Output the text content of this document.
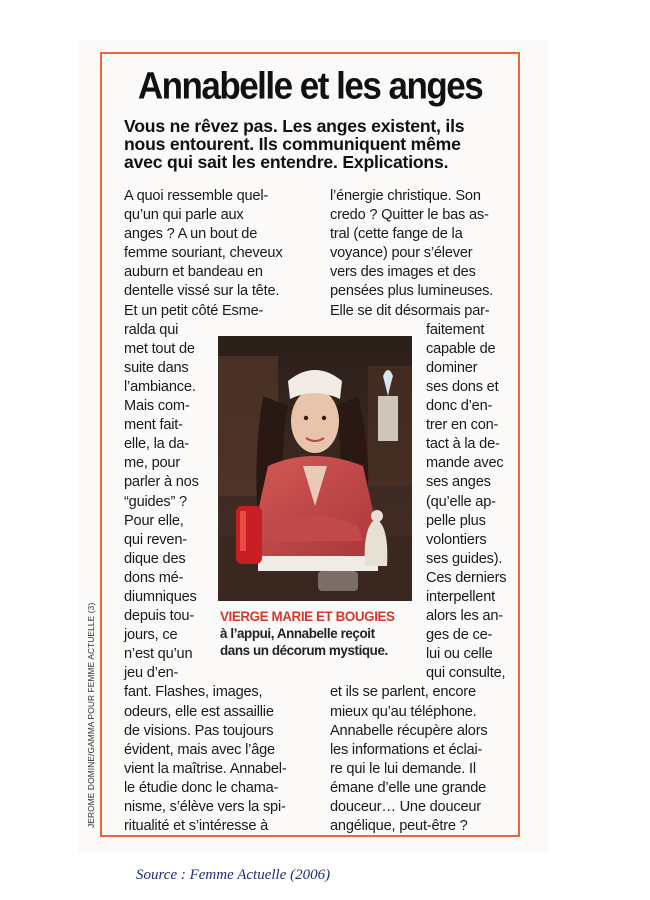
Annabelle et les anges
Vous ne rêvez pas. Les anges existent, ils
nous entourent. Ils communiquent même
avec qui sait les entendre. Explications.
A quoi ressemble quel-
qu’un qui parle aux
anges ? A un bout de
femme souriant, cheveux
auburn et bandeau en
dentelle vissé sur la tête.
Et un petit côté Esme-
ralda qui
met tout de
suite dans
l’ambiance.
Mais com-
ment fait-
elle, la da-
me, pour
parler à nos
“guides” ?
Pour elle,
qui reven-
dique des
dons mé-
diumniques
depuis tou-
jours, ce
n’est qu’un
jeu d’en-
fant. Flashes, images,
odeurs, elle est assaillie
de visions. Pas toujours
évident, mais avec l’âge
vient la maîtrise. Annabel-
le étudie donc le chama-
nisme, s’élève vers la spi-
ritualité et s’intéresse à
l’énergie christique. Son
credo ? Quitter le bas as-
tral (cette fange de la
voyance) pour s’élever
vers des images et des
pensées plus lumineuses.
Elle se dit désormais par-
faitement
capable de
dominer
ses dons et
donc d’en-
trer en con-
tact à la de-
mande avec
ses anges
(qu’elle ap-
pelle plus
volontiers
ses guides).
Ces derniers
interpellent
alors les an-
ges de ce-
lui ou celle
qui consulte,
et ils se parlent, encore
mieux qu’au téléphone.
Annabelle récupère alors
les informations et éclai-
re qui le lui demande. Il
émane d’elle une grande
douceur… Une douceur
angélique, peut-être ?
VIERGE MARIE ET BOUGIES
à l’appui, Annabelle reçoit
dans un décorum mystique.
JEROME DOMINE/GAMMA POUR FEMME ACTUELLE (3)
Source : Femme Actuelle (2006)
